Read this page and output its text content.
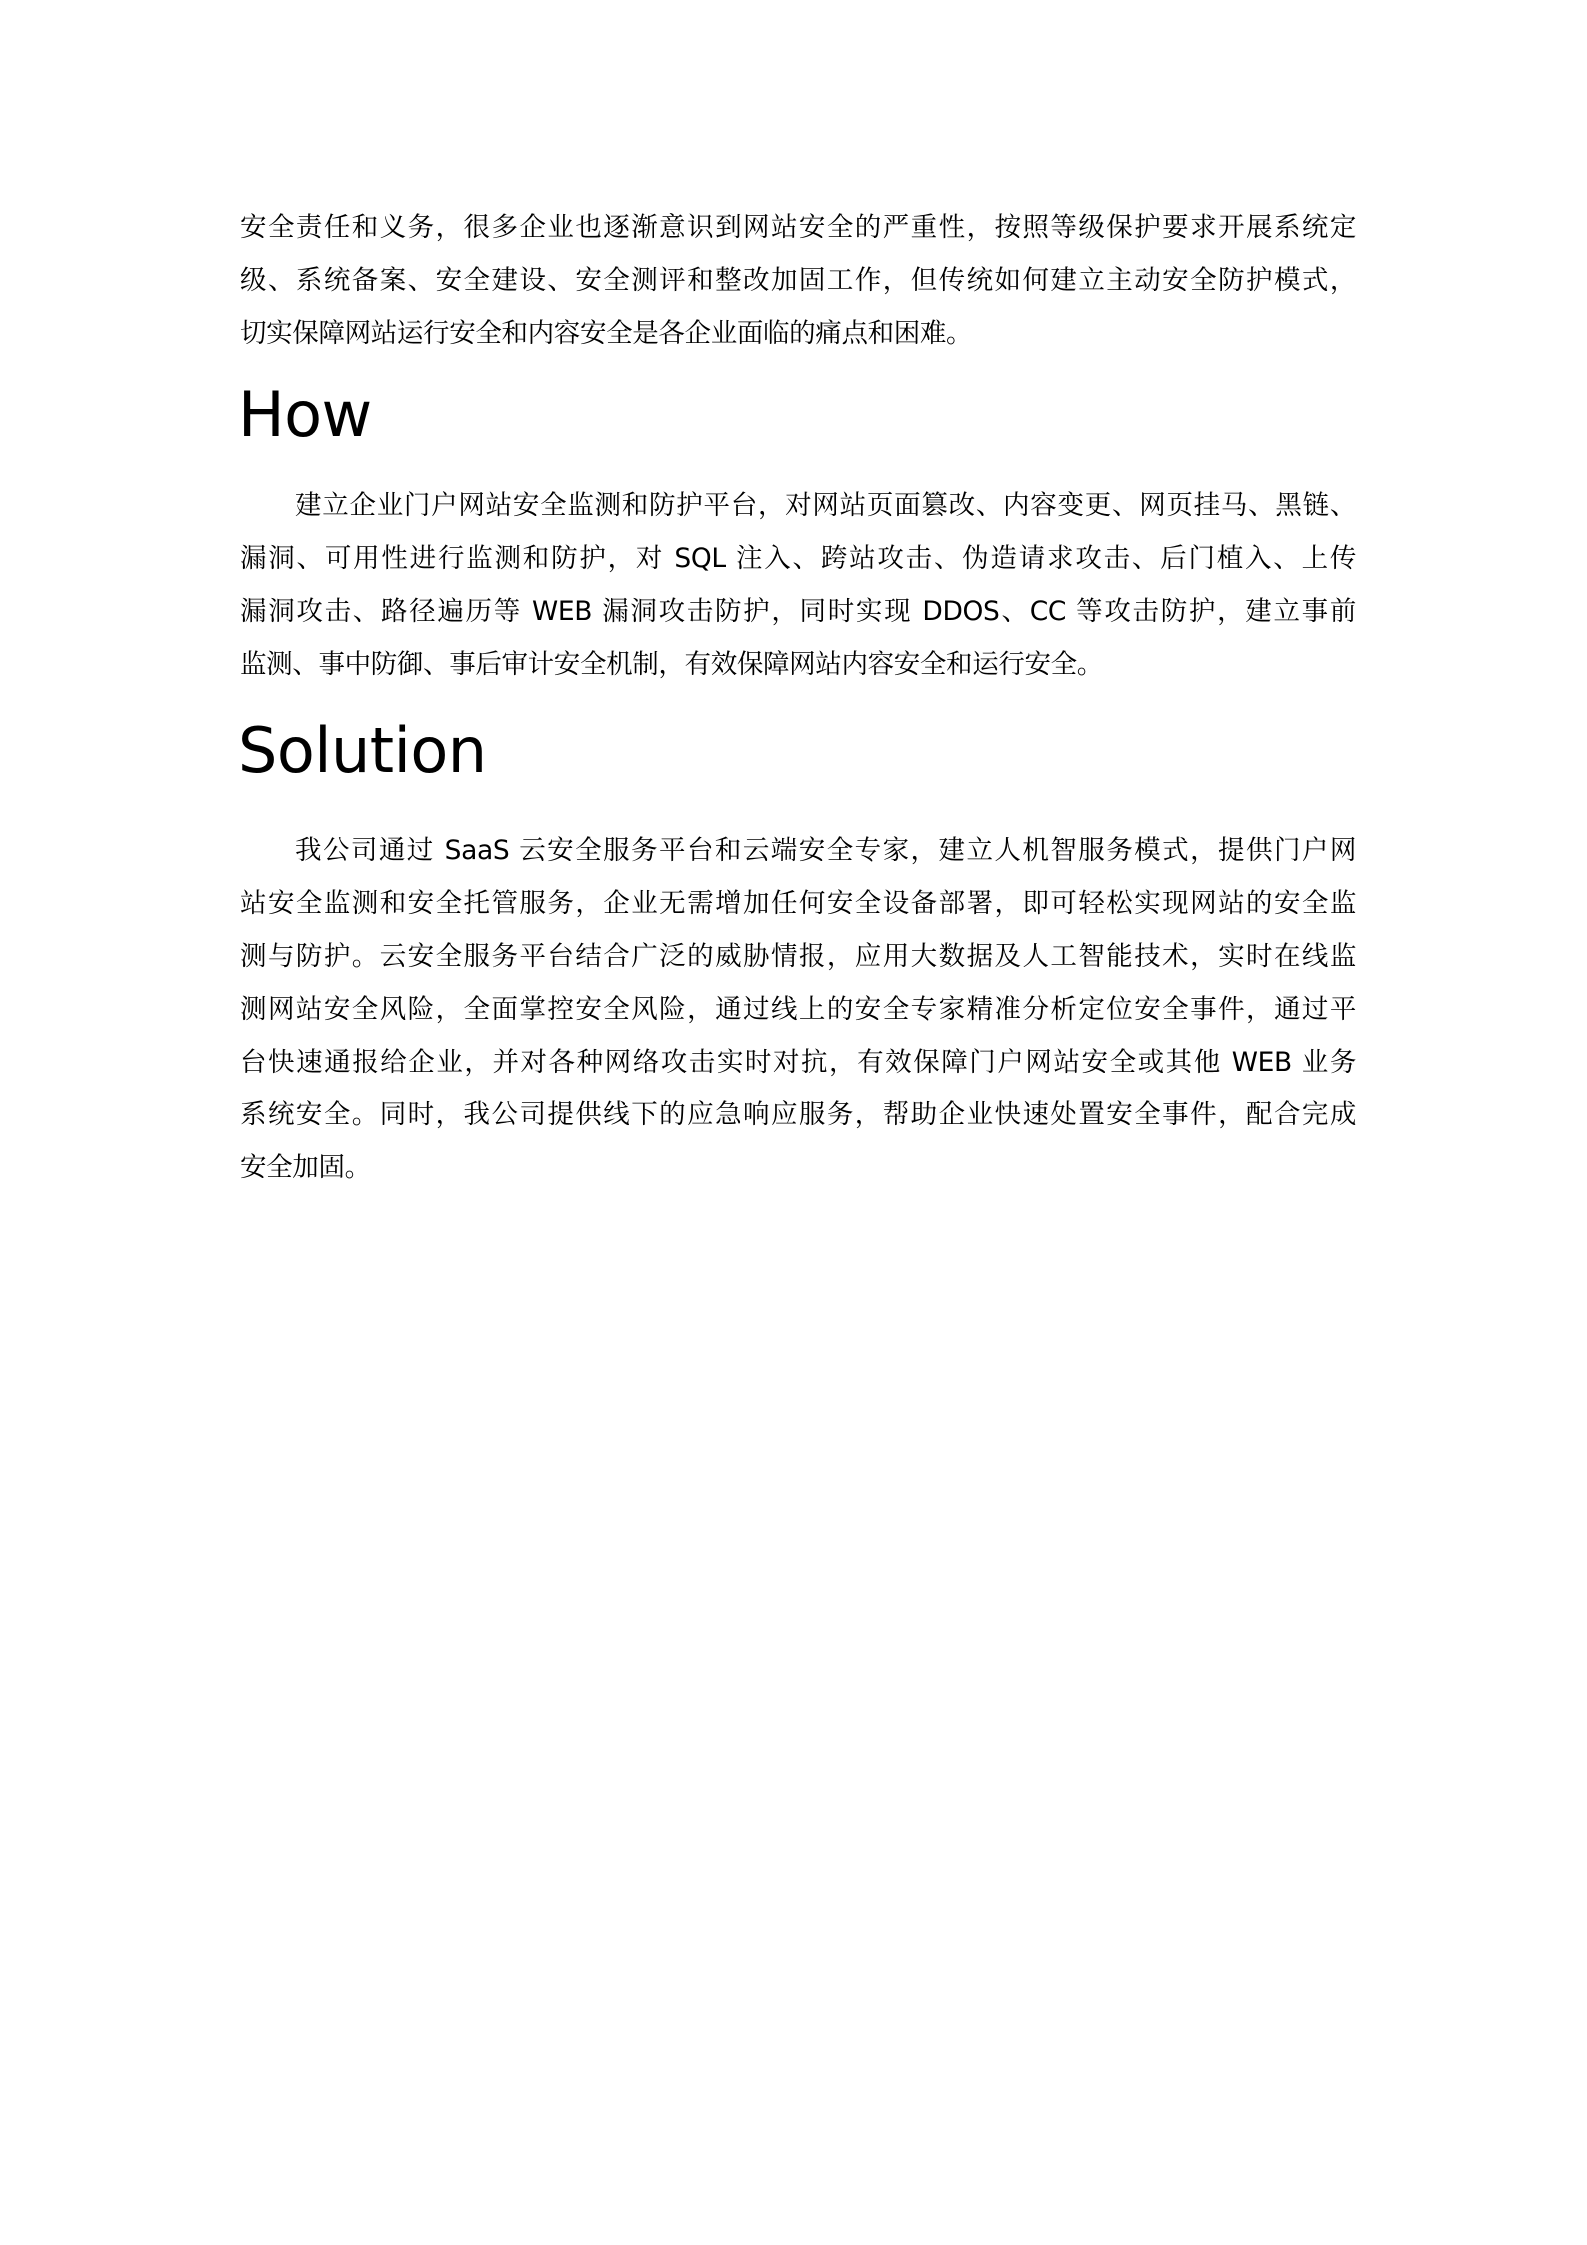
安全责任和义务，很多企业也逐渐意识到网站安全的严重性，按照等级保护要求开展系统定
级、系统备案、安全建设、安全测评和整改加固工作，但传统如何建立主动安全防护模式，
切实保障网站运行安全和内容安全是各企业面临的痛点和困难。
How
建立企业门户网站安全监测和防护平台，对网站页面篡改、内容变更、网页挂马、黑链、
漏洞、可用性进行监测和防护，对 SQL 注入、跨站攻击、伪造请求攻击、后门植入、上传
漏洞攻击、路径遍历等 WEB 漏洞攻击防护，同时实现 DDOS、CC 等攻击防护，建立事前
监测、事中防御、事后审计安全机制，有效保障网站内容安全和运行安全。
Solution
我公司通过 SaaS 云安全服务平台和云端安全专家，建立人机智服务模式，提供门户网
站安全监测和安全托管服务，企业无需增加任何安全设备部署，即可轻松实现网站的安全监
测与防护。云安全服务平台结合广泛的威胁情报，应用大数据及人工智能技术，实时在线监
测网站安全风险，全面掌控安全风险，通过线上的安全专家精准分析定位安全事件，通过平
台快速通报给企业，并对各种网络攻击实时对抗，有效保障门户网站安全或其他 WEB 业务
系统安全。同时，我公司提供线下的应急响应服务，帮助企业快速处置安全事件，配合完成
安全加固。
